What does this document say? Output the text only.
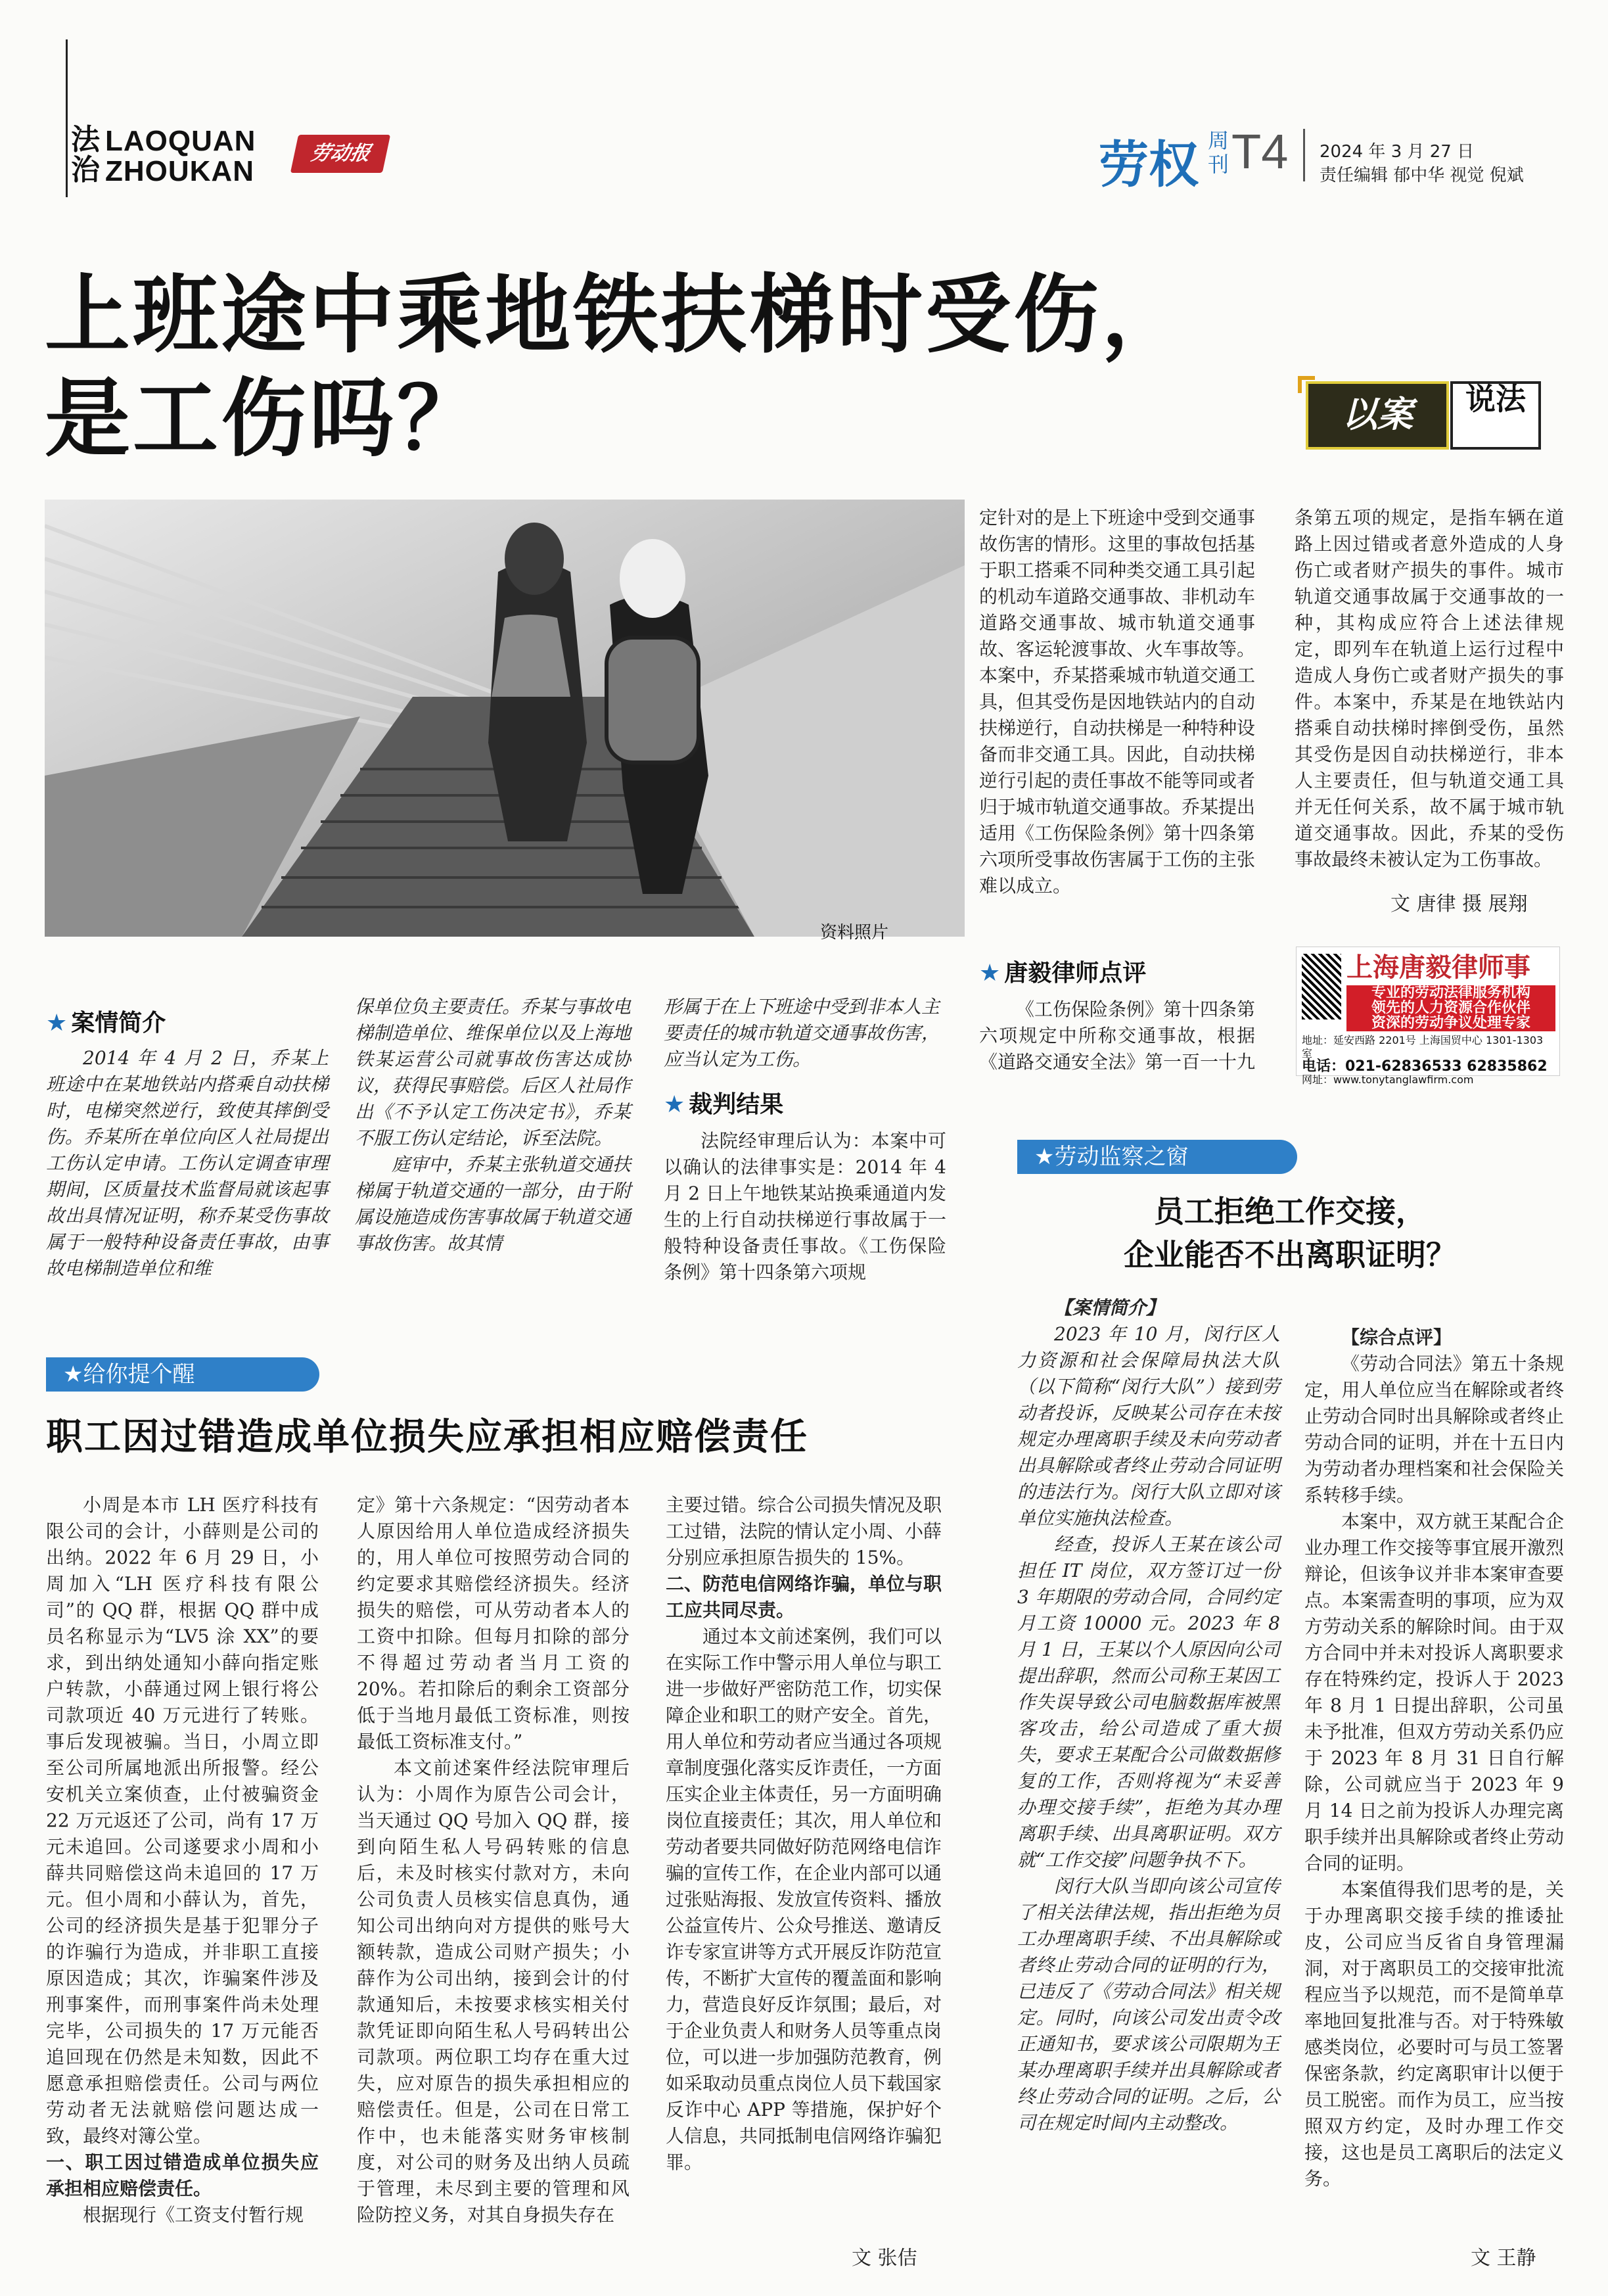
法治
LAOQUAN
ZHOUKAN
劳动报	劳权 周刊 T4 2024 年 3 月 27 日
责任编辑 郁中华 视觉 倪斌
上班途中乘地铁扶梯时受伤，
是工伤吗？	以案	说法
资料照片
★ 案情简介

2014 年 4 月 2 日，乔某上班途中在某地铁站内搭乘自动扶梯时，电梯突然逆行，致使其摔倒受伤。乔某所在单位向区人社局提出工伤认定申请。工伤认定调查审理期间，区质量技术监督局就该起事故出具情况证明，称乔某受伤事故属于一般特种设备责任事故，由事故电梯制造单位和维

保单位负主要责任。乔某与事故电梯制造单位、维保单位以及上海地铁某运营公司就事故伤害达成协议，获得民事赔偿。后区人社局作出《不予认定工伤决定书》，乔某不服工伤认定结论，诉至法院。

庭审中，乔某主张轨道交通扶梯属于轨道交通的一部分，由于附属设施造成伤害事故属于轨道交通事故伤害。故其情

形属于在上下班途中受到非本人主要责任的城市轨道交通事故伤害，应当认定为工伤。

★ 裁判结果

法院经审理后认为：本案中可以确认的法律事实是：2014 年 4 月 2 日上午地铁某站换乘通道内发生的上行自动扶梯逆行事故属于一般特种设备责任事故。《工伤保险条例》第十四条第六项规

定针对的是上下班途中受到交通事故伤害的情形。这里的事故包括基于职工搭乘不同种类交通工具引起的机动车道路交通事故、非机动车道路交通事故、城市轨道交通事故、客运轮渡事故、火车事故等。本案中，乔某搭乘城市轨道交通工具，但其受伤是因地铁站内的自动扶梯逆行，自动扶梯是一种特种设备而非交通工具。因此，自动扶梯逆行引起的责任事故不能等同或者归于城市轨道交通事故。乔某提出适用《工伤保险条例》第十四条第六项所受事故伤害属于工伤的主张难以成立。

★ 唐毅律师点评

《工伤保险条例》第十四条第六项规定中所称交通事故，根据《道路交通安全法》第一百一十九

条第五项的规定，是指车辆在道路上因过错或者意外造成的人身伤亡或者财产损失的事件。城市轨道交通事故属于交通事故的一种，其构成应符合上述法律规定，即列车在轨道上运行过程中造成人身伤亡或者财产损失的事件。本案中，乔某是在地铁站内搭乘自动扶梯时摔倒受伤，虽然其受伤是因自动扶梯逆行，非本人主要责任，但与轨道交通工具并无任何关系，故不属于城市轨道交通事故。因此，乔某的受伤事故最终未被认定为工伤事故。

文 唐律 摄 展翔
上海唐毅律师事
专业的劳动法律服务机构
领先的人力资源合作伙伴
资深的劳动争议处理专家
地址：延安西路 2201号 上海国贸中心 1301-1303 室
电话：021-62836533 62835862
网址：www.tonytanglawfirm.com
★给你提个醒
职工因过错造成单位损失应承担相应赔偿责任

小周是本市 LH 医疗科技有限公司的会计，小薛则是公司的出纳。2022 年 6 月 29 日，小周加入“LH 医疗科技有限公司”的 QQ 群，根据 QQ 群中成员名称显示为“LV5 涂 XX”的要求，到出纳处通知小薛向指定账户转款，小薛通过网上银行将公司款项近 40 万元进行了转账。事后发现被骗。当日，小周立即至公司所属地派出所报警。经公安机关立案侦查，止付被骗资金 22 万元返还了公司，尚有 17 万元未追回。公司遂要求小周和小薛共同赔偿这尚未追回的 17 万元。但小周和小薛认为，首先，公司的经济损失是基于犯罪分子的诈骗行为造成，并非职工直接原因造成；其次，诈骗案件涉及刑事案件，而刑事案件尚未处理完毕，公司损失的 17 万元能否追回现在仍然是未知数，因此不愿意承担赔偿责任。公司与两位劳动者无法就赔偿问题达成一致，最终对簿公堂。

一、职工因过错造成单位损失应承担相应赔偿责任。

根据现行《工资支付暂行规

定》第十六条规定：“因劳动者本人原因给用人单位造成经济损失的，用人单位可按照劳动合同的约定要求其赔偿经济损失。经济损失的赔偿，可从劳动者本人的工资中扣除。但每月扣除的部分不得超过劳动者当月工资的 20%。若扣除后的剩余工资部分低于当地月最低工资标准，则按最低工资标准支付。”

本文前述案件经法院审理后认为：小周作为原告公司会计，当天通过 QQ 号加入 QQ 群，接到向陌生私人号码转账的信息后，未及时核实付款对方，未向公司负责人员核实信息真伪，通知公司出纳向对方提供的账号大额转款，造成公司财产损失；小薛作为公司出纳，接到会计的付款通知后，未按要求核实相关付款凭证即向陌生私人号码转出公司款项。两位职工均存在重大过失，应对原告的损失承担相应的赔偿责任。但是，公司在日常工作中，也未能落实财务审核制度，对公司的财务及出纳人员疏于管理，未尽到主要的管理和风险防控义务，对其自身损失存在

主要过错。综合公司损失情况及职工过错，法院的情认定小周、小薛分别应承担原告损失的 15%。

二、防范电信网络诈骗，单位与职工应共同尽责。

通过本文前述案例，我们可以在实际工作中警示用人单位与职工进一步做好严密防范工作，切实保障企业和职工的财产安全。首先，用人单位和劳动者应当通过各项规章制度强化落实反诈责任，一方面压实企业主体责任，另一方面明确岗位直接责任；其次，用人单位和劳动者要共同做好防范网络电信诈骗的宣传工作，在企业内部可以通过张贴海报、发放宣传资料、播放公益宣传片、公众号推送、邀请反诈专家宣讲等方式开展反诈防范宣传，不断扩大宣传的覆盖面和影响力，营造良好反诈氛围；最后，对于企业负责人和财务人员等重点岗位，可以进一步加强防范教育，例如采取动员重点岗位人员下载国家反诈中心 APP 等措施，保护好个人信息，共同抵制电信网络诈骗犯罪。

文 张佶
★劳动监察之窗
员工拒绝工作交接，
企业能否不出离职证明？

【案情简介】

2023 年 10 月，闵行区人力资源和社会保障局执法大队（以下简称“闵行大队”）接到劳动者投诉，反映某公司存在未按规定办理离职手续及未向劳动者出具解除或者终止劳动合同证明的违法行为。闵行大队立即对该单位实施执法检查。

经查，投诉人王某在该公司担任 IT 岗位，双方签订过一份 3 年期限的劳动合同，合同约定月工资 10000 元。2023 年 8 月 1 日，王某以个人原因向公司提出辞职，然而公司称王某因工作失误导致公司电脑数据库被黑客攻击，给公司造成了重大损失，要求王某配合公司做数据修复的工作，否则将视为“未妥善办理交接手续”，拒绝为其办理离职手续、出具离职证明。双方就“工作交接”问题争执不下。

闵行大队当即向该公司宣传了相关法律法规，指出拒绝为员工办理离职手续、不出具解除或者终止劳动合同的证明的行为，已违反了《劳动合同法》相关规定。同时，向该公司发出责令改正通知书，要求该公司限期为王某办理离职手续并出具解除或者终止劳动合同的证明。之后，公司在规定时间内主动整改。

【综合点评】

《劳动合同法》第五十条规定，用人单位应当在解除或者终止劳动合同时出具解除或者终止劳动合同的证明，并在十五日内为劳动者办理档案和社会保险关系转移手续。

本案中，双方就王某配合企业办理工作交接等事宜展开激烈辩论，但该争议并非本案审查要点。本案需查明的事项，应为双方劳动关系的解除时间。由于双方合同中并未对投诉人离职要求存在特殊约定，投诉人于 2023 年 8 月 1 日提出辞职，公司虽未予批准，但双方劳动关系仍应于 2023 年 8 月 31 日自行解除，公司就应当于 2023 年 9 月 14 日之前为投诉人办理完离职手续并出具解除或者终止劳动合同的证明。

本案值得我们思考的是，关于办理离职交接手续的推诿扯皮，公司应当反省自身管理漏洞，对于离职员工的交接审批流程应当予以规范，而不是简单草率地回复批准与否。对于特殊敏感类岗位，必要时可与员工签署保密条款，约定离职审计以便于员工脱密。而作为员工，应当按照双方约定，及时办理工作交接，这也是员工离职后的法定义务。

文 王静
